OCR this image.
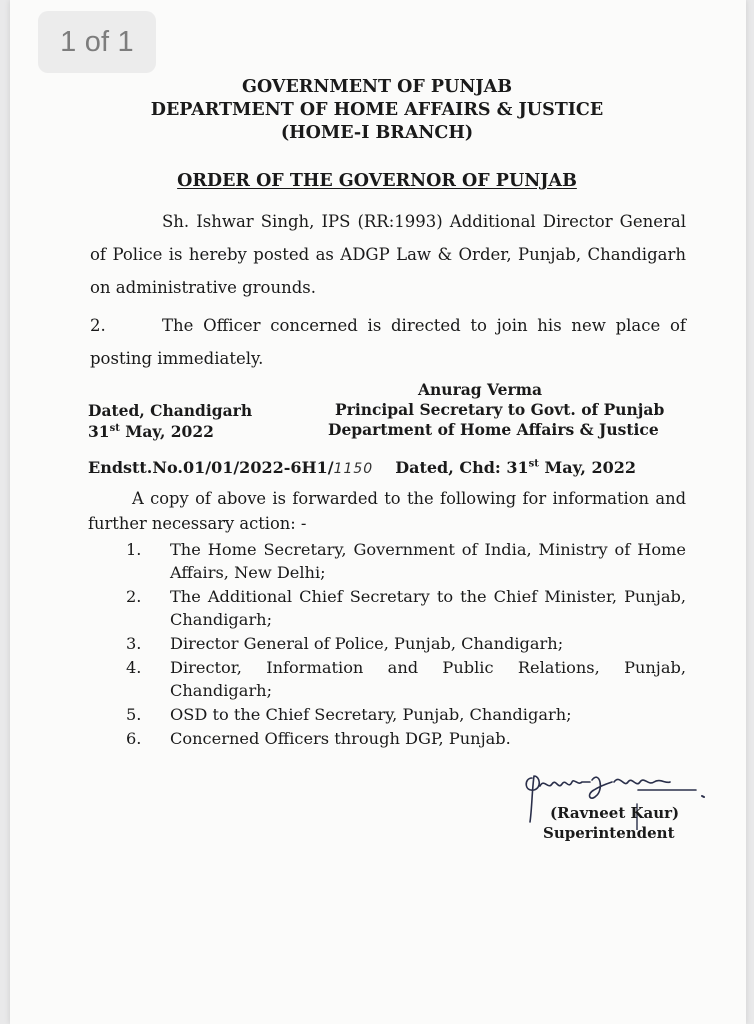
1 of 1
GOVERNMENT OF PUNJAB
DEPARTMENT OF HOME AFFAIRS & JUSTICE
(HOME-I BRANCH)
ORDER OF THE GOVERNOR OF PUNJAB
Sh. Ishwar Singh, IPS (RR:1993) Additional Director General of Police is hereby posted as ADGP Law & Order, Punjab, Chandigarh on administrative grounds.
2.	The Officer concerned is directed to join his new place of posting immediately.
Dated, Chandigarh
31st May, 2022
Anurag Verma
Principal Secretary to Govt. of Punjab
Department of Home Affairs & Justice
Endstt.No.01/01/2022-6H1/1150 Dated, Chd: 31st May, 2022
A copy of above is forwarded to the following for information and further necessary action: -
1. The Home Secretary, Government of India, Ministry of Home Affairs, New Delhi;
2. The Additional Chief Secretary to the Chief Minister, Punjab, Chandigarh;
3. Director General of Police, Punjab, Chandigarh;
4. Director, Information and Public Relations, Punjab, Chandigarh;
5. OSD to the Chief Secretary, Punjab, Chandigarh;
6. Concerned Officers through DGP, Punjab.
(Ravneet Kaur)
Superintendent
